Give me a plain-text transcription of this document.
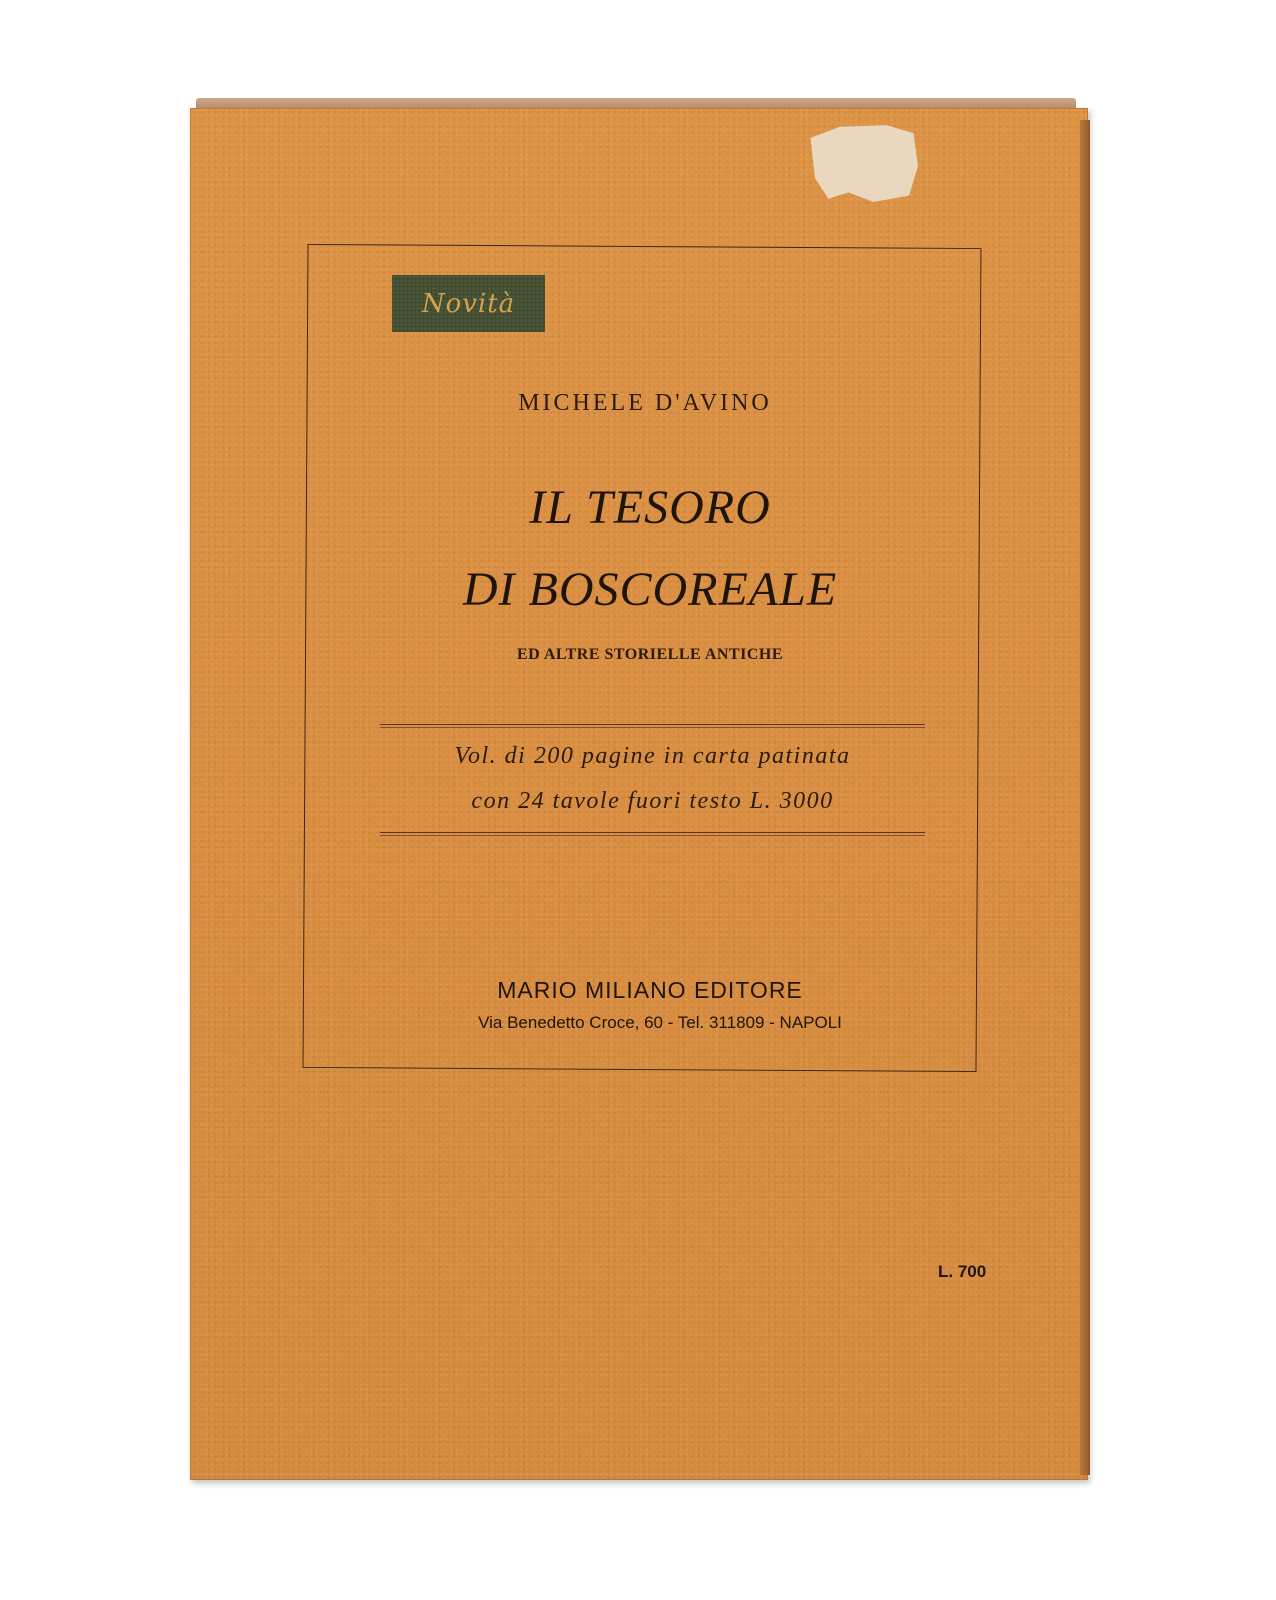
Novità
MICHELE D'AVINO
IL TESORO
DI BOSCOREALE
ED ALTRE STORIELLE ANTICHE
Vol. di 200 pagine in carta patinata
con 24 tavole fuori testo L. 3000
MARIO MILIANO EDITORE
Via Benedetto Croce, 60 - Tel. 311809 - NAPOLI
L. 700
